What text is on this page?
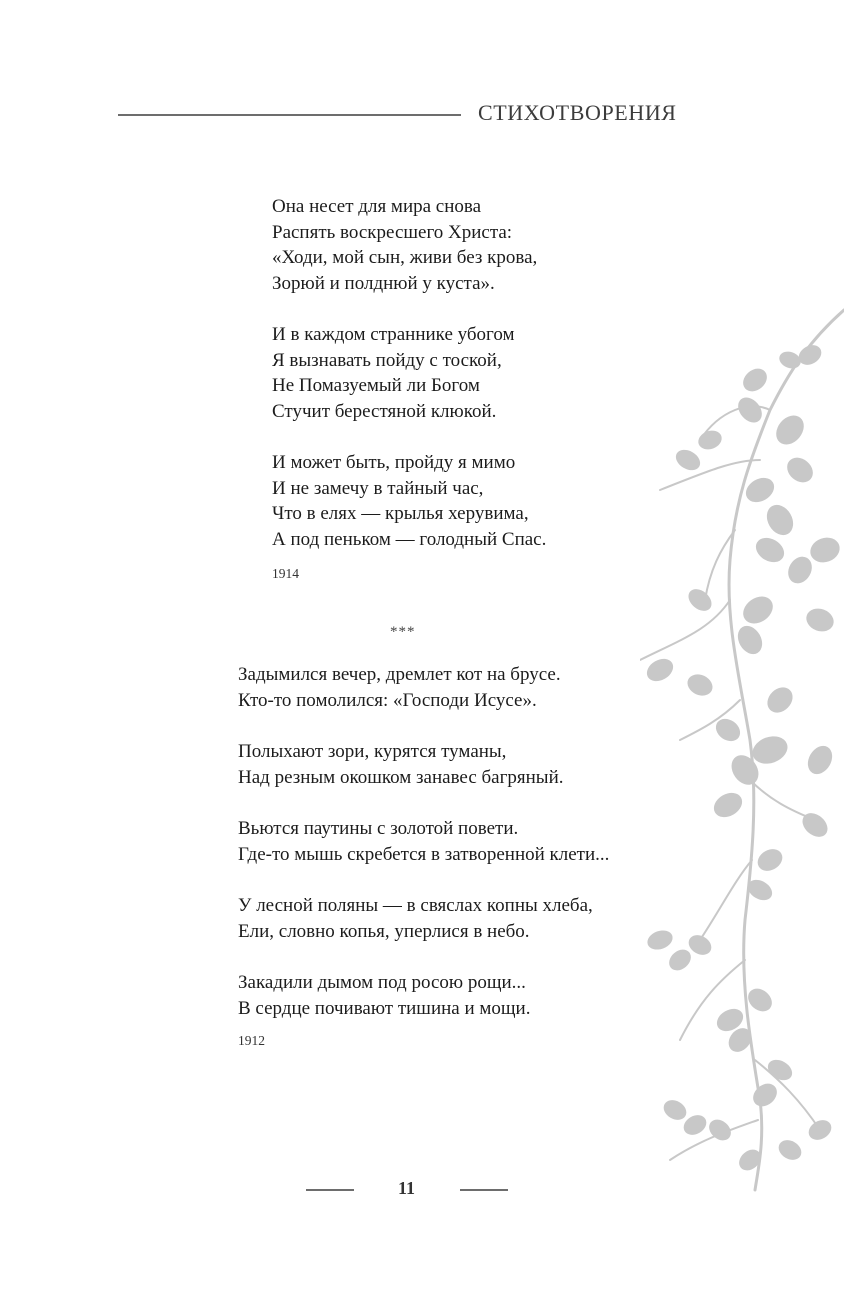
СТИХОТВОРЕНИЯ
Она несет для мира снова
Распять воскресшего Христа:
«Ходи, мой сын, живи без крова,
Зорюй и полднюй у куста».
И в каждом страннике убогом
Я вызнавать пойду с тоской,
Не Помазуемый ли Богом
Стучит берестяной клюкой.
И может быть, пройду я мимо
И не замечу в тайный час,
Что в елях — крылья херувима,
А под пеньком — голодный Спас.
1914
***
Задымился вечер, дремлет кот на брусе.
Кто-то помолился: «Господи Исусе».
Полыхают зори, курятся туманы,
Над резным окошком занавес багряный.
Вьются паутины с золотой повети.
Где-то мышь скребется в затворенной клети...
У лесной поляны — в свяслах копны хлеба,
Ели, словно копья, уперлися в небо.
Закадили дымом под росою рощи...
В сердце почивают тишина и мощи.
1912
11
